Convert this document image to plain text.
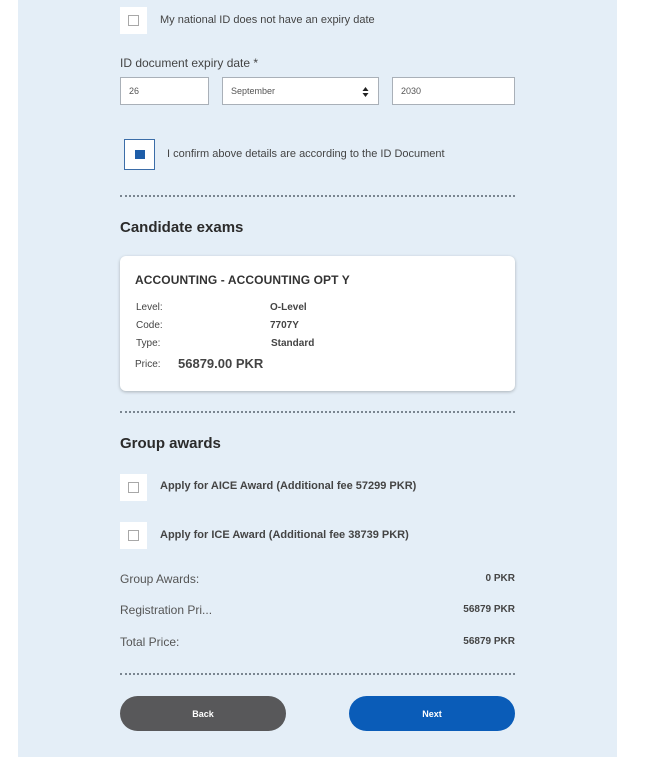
My national ID does not have an expiry date
ID document expiry date *
26	September	2030
I confirm above details are according to the ID Document
Candidate exams
ACCOUNTING - ACCOUNTING OPT Y
Level:	O-Level
Code:	7707Y
Type:	Standard
Price: 56879.00 PKR
Group awards
Apply for AICE Award (Additional fee 57299 PKR)
Apply for ICE Award (Additional fee 38739 PKR)
Group Awards:	0 PKR
Registration Pri...	56879 PKR
Total Price:	56879 PKR
Back	Next
